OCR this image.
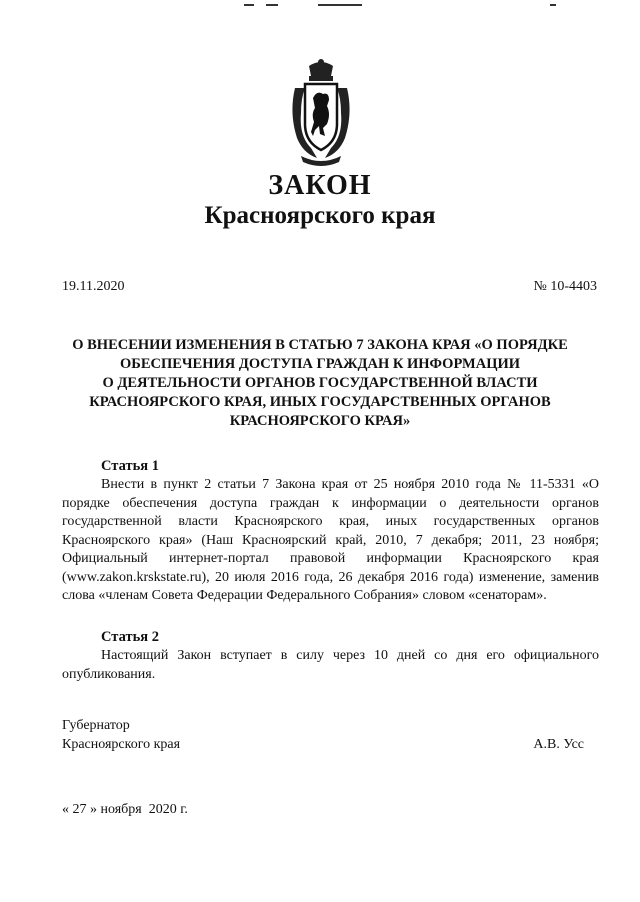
ЗАКОН
Красноярского края
19.11.2020	№ 10-4403
О ВНЕСЕНИИ ИЗМЕНЕНИЯ В СТАТЬЮ 7 ЗАКОНА КРАЯ «О ПОРЯДКЕ
ОБЕСПЕЧЕНИЯ ДОСТУПА ГРАЖДАН К ИНФОРМАЦИИ
О ДЕЯТЕЛЬНОСТИ ОРГАНОВ ГОСУДАРСТВЕННОЙ ВЛАСТИ
КРАСНОЯРСКОГО КРАЯ, ИНЫХ ГОСУДАРСТВЕННЫХ ОРГАНОВ
КРАСНОЯРСКОГО КРАЯ»
Статья 1
Внести в пункт 2 статьи 7 Закона края от 25 ноября 2010 года № 11-5331 «О порядке обеспечения доступа граждан к информации о деятельности органов государственной власти Красноярского края, иных государственных органов Красноярского края» (Наш Красноярский край, 2010, 7 декабря; 2011, 23 ноября; Официальный интернет-портал правовой информации Красноярского края (www.zakon.krskstate.ru), 20 июля 2016 года, 26 декабря 2016 года) изменение, заменив слова «членам Совета Федерации Федерального Собрания» словом «сенаторам».
Статья 2
Настоящий Закон вступает в силу через 10 дней со дня его официального опубликования.
Губернатор
Красноярского края	А.В. Усс
« 27 » ноября  2020 г.
